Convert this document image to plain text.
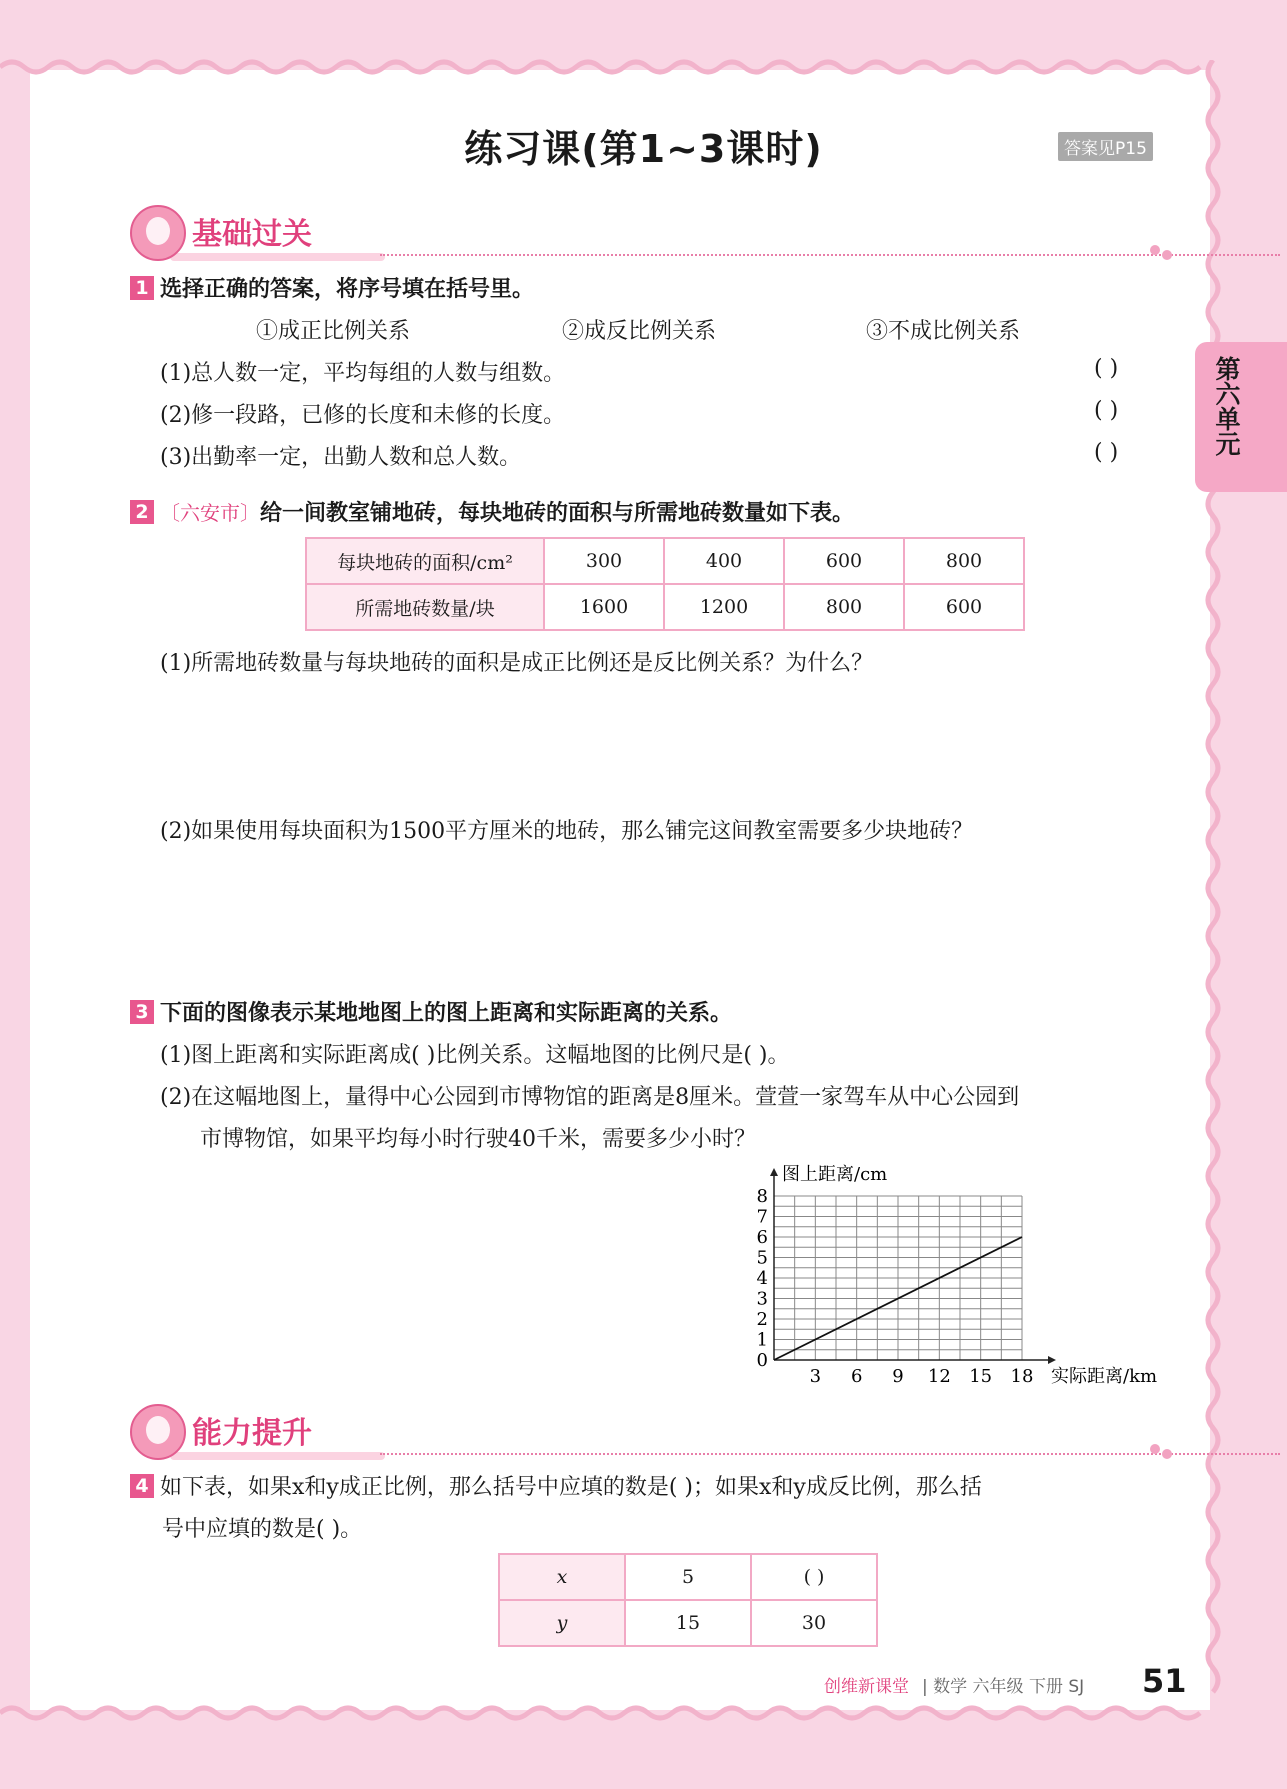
练习课(第1~3课时)	答案见P15
第六单元
基础过关
1 选择正确的答案，将序号填在括号里。
①成正比例关系	②成反比例关系	③不成比例关系
(1)总人数一定，平均每组的人数与组数。	( )
(2)修一段路，已修的长度和未修的长度。	( )
(3)出勤率一定，出勤人数和总人数。	( )
2 〔六安市〕给一间教室铺地砖，每块地砖的面积与所需地砖数量如下表。
每块地砖的面积/cm²	300	400	600	800
所需地砖数量/块	1600	1200	800	600
(1)所需地砖数量与每块地砖的面积是成正比例还是反比例关系？为什么？
(2)如果使用每块面积为1500平方厘米的地砖，那么铺完这间教室需要多少块地砖？
3 下面的图像表示某地地图上的图上距离和实际距离的关系。
(1)图上距离和实际距离成( )比例关系。这幅地图的比例尺是( )。
(2)在这幅地图上，量得中心公园到市博物馆的距离是8厘米。萱萱一家驾车从中心公园到
市博物馆，如果平均每小时行驶40千米，需要多少小时？
3 6 9 12 15 18
0
1
2
3
4
5
6
7
8
图上距离/cm
实际距离/km
能力提升
4 如下表，如果x和y成正比例，那么括号中应填的数是( )；如果x和y成反比例，那么括
号中应填的数是( )。
x	5	( )
y	15	30
创维新课堂 | 数学 六年级 下册 SJ 51
